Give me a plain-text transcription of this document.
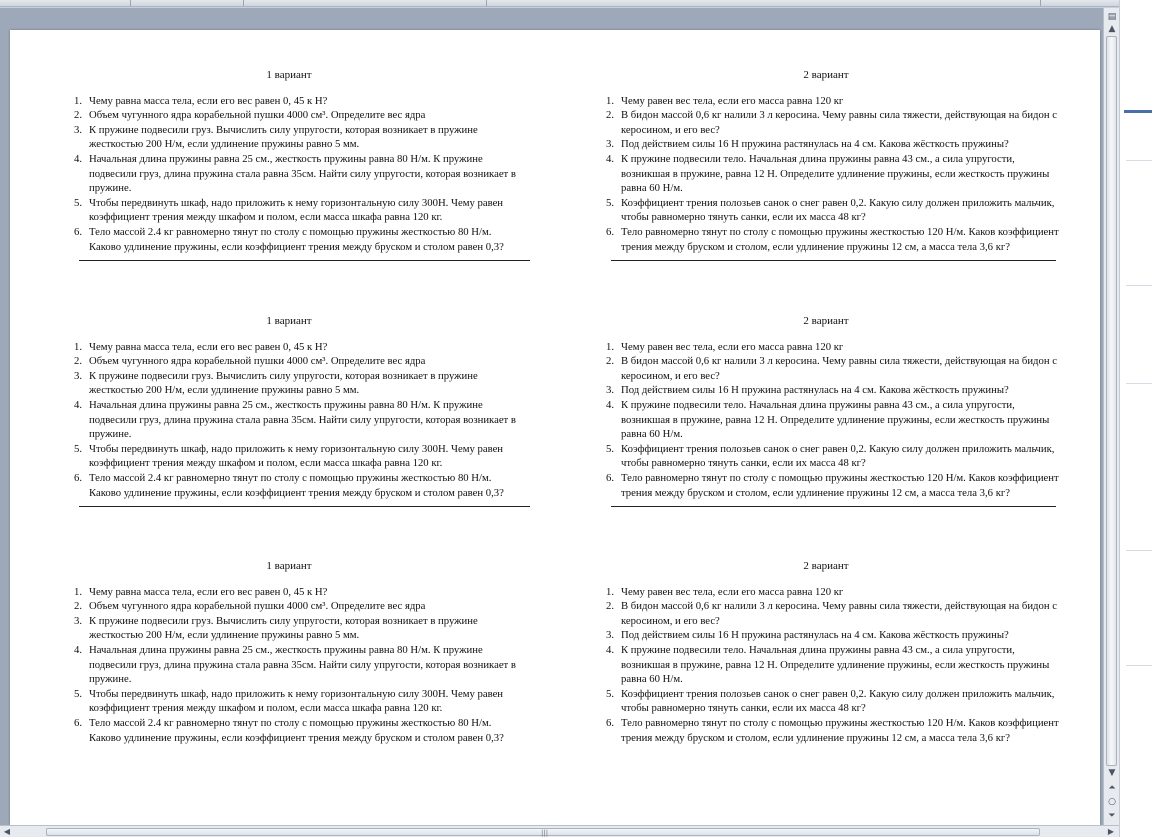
1 вариант
1. Чему равна масса тела, если его вес равен 0, 45 к Н?
2. Объем чугунного ядра корабельной пушки 4000 см³. Определите вес ядра
3. К пружине подвесили груз. Вычислить силу упругости, которая возникает в пружине жесткостью 200 Н/м, если удлинение пружины равно 5 мм.
4. Начальная длина пружины равна 25 см., жесткость пружины равна 80 Н/м. К пружине подвесили груз, длина пружина стала равна 35см. Найти силу упругости, которая возникает в пружине.
5. Чтобы передвинуть шкаф, надо приложить к нему горизонтальную силу 300Н. Чему равен коэффициент трения между шкафом и полом, если масса шкафа равна 120 кг.
6. Тело массой 2.4 кг равномерно тянут по столу с помощью пружины жесткостью 80 Н/м. Каково удлинение пружины, если коэффициент трения между бруском и столом равен 0,3?
2 вариант
1. Чему равен вес тела, если его масса равна 120 кг
2. В бидон массой 0,6 кг налили 3 л керосина. Чему равны сила тяжести, действующая на бидон с керосином, и его вес?
3. Под действием силы 16 Н пружина растянулась на 4 см. Какова жёсткость пружины?
4. К пружине подвесили тело. Начальная длина пружины равна 43 см., а сила упругости, возникшая в пружине, равна 12 Н. Определите удлинение пружины, если жесткость пружины равна 60 Н/м.
5. Коэффициент трения полозьев санок о снег равен 0,2. Какую силу должен приложить мальчик, чтобы равномерно тянуть санки, если их масса 48 кг?
6. Тело равномерно тянут по столу с помощью пружины жесткостью 120 Н/м. Каков коэффициент трения между бруском и столом, если удлинение пружины 12 см, а масса тела 3,6 кг?
1 вариант
1. Чему равна масса тела, если его вес равен 0, 45 к Н?
2. Объем чугунного ядра корабельной пушки 4000 см³. Определите вес ядра
3. К пружине подвесили груз. Вычислить силу упругости, которая возникает в пружине жесткостью 200 Н/м, если удлинение пружины равно 5 мм.
4. Начальная длина пружины равна 25 см., жесткость пружины равна 80 Н/м. К пружине подвесили груз, длина пружина стала равна 35см. Найти силу упругости, которая возникает в пружине.
5. Чтобы передвинуть шкаф, надо приложить к нему горизонтальную силу 300Н. Чему равен коэффициент трения между шкафом и полом, если масса шкафа равна 120 кг.
6. Тело массой 2.4 кг равномерно тянут по столу с помощью пружины жесткостью 80 Н/м. Каково удлинение пружины, если коэффициент трения между бруском и столом равен 0,3?
2 вариант
1. Чему равен вес тела, если его масса равна 120 кг
2. В бидон массой 0,6 кг налили 3 л керосина. Чему равны сила тяжести, действующая на бидон с керосином, и его вес?
3. Под действием силы 16 Н пружина растянулась на 4 см. Какова жёсткость пружины?
4. К пружине подвесили тело. Начальная длина пружины равна 43 см., а сила упругости, возникшая в пружине, равна 12 Н. Определите удлинение пружины, если жесткость пружины равна 60 Н/м.
5. Коэффициент трения полозьев санок о снег равен 0,2. Какую силу должен приложить мальчик, чтобы равномерно тянуть санки, если их масса 48 кг?
6. Тело равномерно тянут по столу с помощью пружины жесткостью 120 Н/м. Каков коэффициент трения между бруском и столом, если удлинение пружины 12 см, а масса тела 3,6 кг?
1 вариант
1. Чему равна масса тела, если его вес равен 0, 45 к Н?
2. Объем чугунного ядра корабельной пушки 4000 см³. Определите вес ядра
3. К пружине подвесили груз. Вычислить силу упругости, которая возникает в пружине жесткостью 200 Н/м, если удлинение пружины равно 5 мм.
4. Начальная длина пружины равна 25 см., жесткость пружины равна 80 Н/м. К пружине подвесили груз, длина пружина стала равна 35см. Найти силу упругости, которая возникает в пружине.
5. Чтобы передвинуть шкаф, надо приложить к нему горизонтальную силу 300Н. Чему равен коэффициент трения между шкафом и полом, если масса шкафа равна 120 кг.
6. Тело массой 2.4 кг равномерно тянут по столу с помощью пружины жесткостью 80 Н/м. Каково удлинение пружины, если коэффициент трения между бруском и столом равен 0,3?
2 вариант
1. Чему равен вес тела, если его масса равна 120 кг
2. В бидон массой 0,6 кг налили 3 л керосина. Чему равны сила тяжести, действующая на бидон с керосином, и его вес?
3. Под действием силы 16 Н пружина растянулась на 4 см. Какова жёсткость пружины?
4. К пружине подвесили тело. Начальная длина пружины равна 43 см., а сила упругости, возникшая в пружине, равна 12 Н. Определите удлинение пружины, если жесткость пружины равна 60 Н/м.
5. Коэффициент трения полозьев санок о снег равен 0,2. Какую силу должен приложить мальчик, чтобы равномерно тянуть санки, если их масса 48 кг?
6. Тело равномерно тянут по столу с помощью пружины жесткостью 120 Н/м. Каков коэффициент трения между бруском и столом, если удлинение пружины 12 см, а масса тела 3,6 кг?
▤
▲
▼
⏶
○
⏷
◀	|||	▶
